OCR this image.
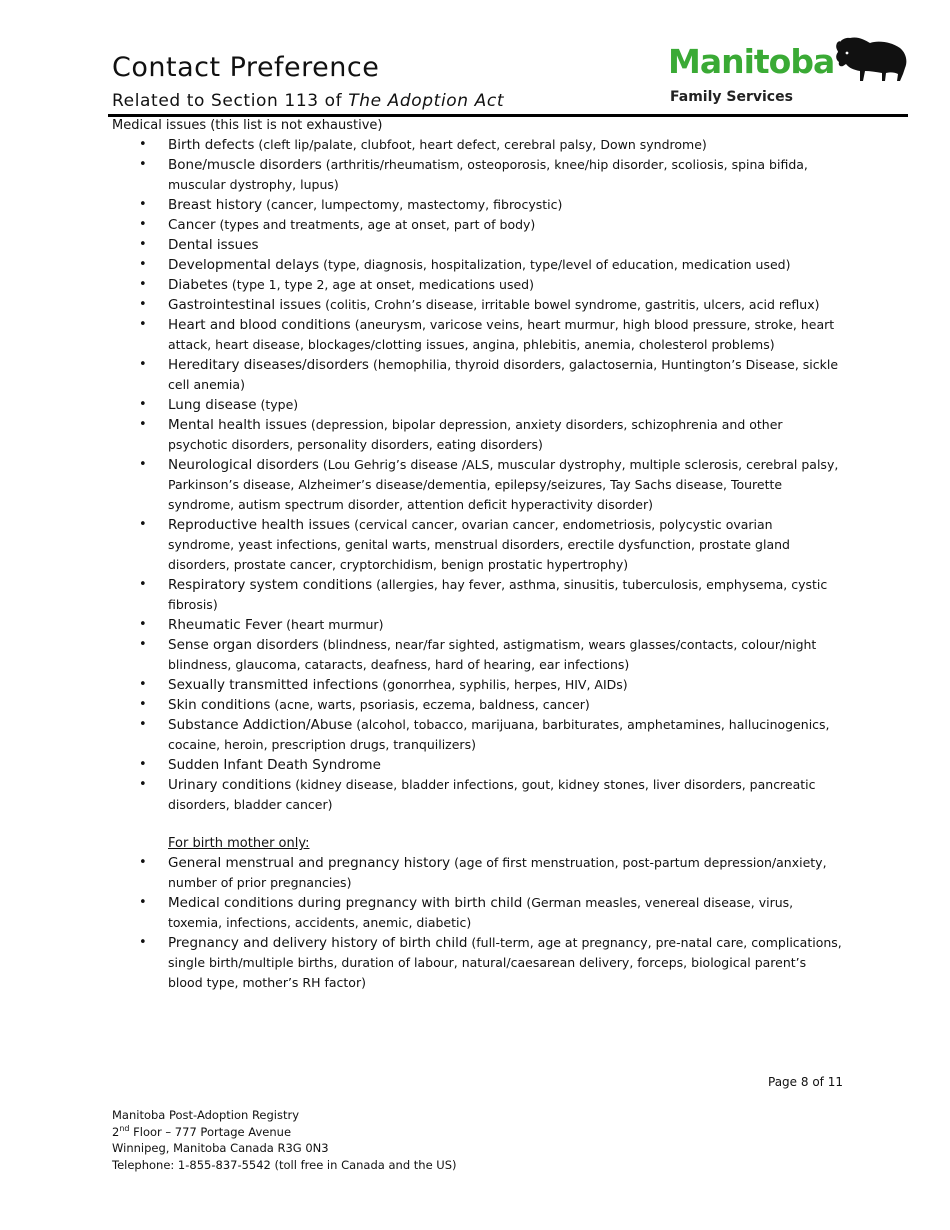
Contact Preference
Related to Section 113 of The Adoption Act
Manitoba
Family Services

Medical issues (this list is not exhaustive)

• Birth defects (cleft lip/palate, clubfoot, heart defect, cerebral palsy, Down syndrome)
• Bone/muscle disorders (arthritis/rheumatism, osteoporosis, knee/hip disorder, scoliosis, spina bifida, muscular dystrophy, lupus)
• Breast history (cancer, lumpectomy, mastectomy, fibrocystic)
• Cancer (types and treatments, age at onset, part of body)
• Dental issues
• Developmental delays (type, diagnosis, hospitalization, type/level of education, medication used)
• Diabetes (type 1, type 2, age at onset, medications used)
• Gastrointestinal issues (colitis, Crohn’s disease, irritable bowel syndrome, gastritis, ulcers, acid reflux)
• Heart and blood conditions (aneurysm, varicose veins, heart murmur, high blood pressure, stroke, heart attack, heart disease, blockages/clotting issues, angina, phlebitis, anemia, cholesterol problems)
• Hereditary diseases/disorders (hemophilia, thyroid disorders, galactosernia, Huntington’s Disease, sickle cell anemia)
• Lung disease (type)
• Mental health issues (depression, bipolar depression, anxiety disorders, schizophrenia and other psychotic disorders, personality disorders, eating disorders)
• Neurological disorders (Lou Gehrig’s disease /ALS, muscular dystrophy, multiple sclerosis, cerebral palsy, Parkinson’s disease, Alzheimer’s disease/dementia, epilepsy/seizures, Tay Sachs disease, Tourette syndrome, autism spectrum disorder, attention deficit hyperactivity disorder)
• Reproductive health issues (cervical cancer, ovarian cancer, endometriosis, polycystic ovarian syndrome, yeast infections, genital warts, menstrual disorders, erectile dysfunction, prostate gland disorders, prostate cancer, cryptorchidism, benign prostatic hypertrophy)
• Respiratory system conditions (allergies, hay fever, asthma, sinusitis, tuberculosis, emphysema, cystic fibrosis)
• Rheumatic Fever (heart murmur)
• Sense organ disorders (blindness, near/far sighted, astigmatism, wears glasses/contacts, colour/night blindness, glaucoma, cataracts, deafness, hard of hearing, ear infections)
• Sexually transmitted infections (gonorrhea, syphilis, herpes, HIV, AIDs)
• Skin conditions (acne, warts, psoriasis, eczema, baldness, cancer)
• Substance Addiction/Abuse (alcohol, tobacco, marijuana, barbiturates, amphetamines, hallucinogenics, cocaine, heroin, prescription drugs, tranquilizers)
• Sudden Infant Death Syndrome
• Urinary conditions (kidney disease, bladder infections, gout, kidney stones, liver disorders, pancreatic disorders, bladder cancer)
For birth mother only:
• General menstrual and pregnancy history (age of first menstruation, post-partum depression/anxiety, number of prior pregnancies)
• Medical conditions during pregnancy with birth child (German measles, venereal disease, virus, toxemia, infections, accidents, anemic, diabetic)
• Pregnancy and delivery history of birth child (full-term, age at pregnancy, pre-natal care, complications, single birth/multiple births, duration of labour, natural/caesarean delivery, forceps, biological parent’s blood type, mother’s RH factor)
Page 8 of 11
Manitoba Post-Adoption Registry
2nd Floor – 777 Portage Avenue
Winnipeg, Manitoba Canada R3G 0N3
Telephone: 1-855-837-5542 (toll free in Canada and the US)
